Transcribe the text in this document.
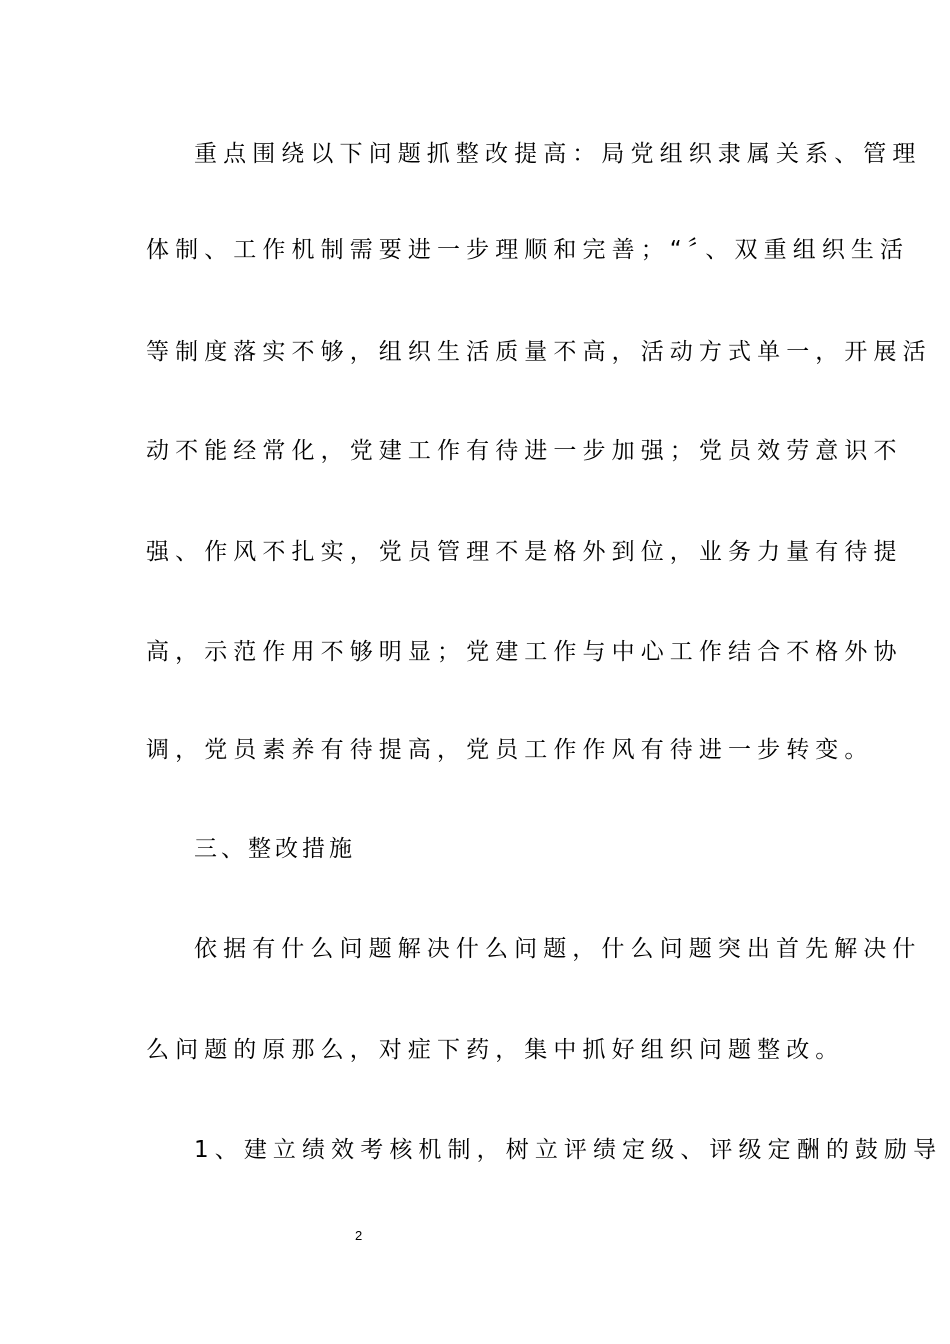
重点围绕以下问题抓整改提高：局党组织隶属关系、管理
体制、工作机制需要进一步理顺和完善；“〞、双重组织生活
等制度落实不够，组织生活质量不高，活动方式单一，开展活
动不能经常化，党建工作有待进一步加强；党员效劳意识不
强、作风不扎实，党员管理不是格外到位，业务力量有待提
高，示范作用不够明显；党建工作与中心工作结合不格外协
调，党员素养有待提高，党员工作作风有待进一步转变。
三、整改措施
依据有什么问题解决什么问题，什么问题突出首先解决什
么问题的原那么，对症下药，集中抓好组织问题整改。
1、建立绩效考核机制，树立评绩定级、评级定酬的鼓励导
2
